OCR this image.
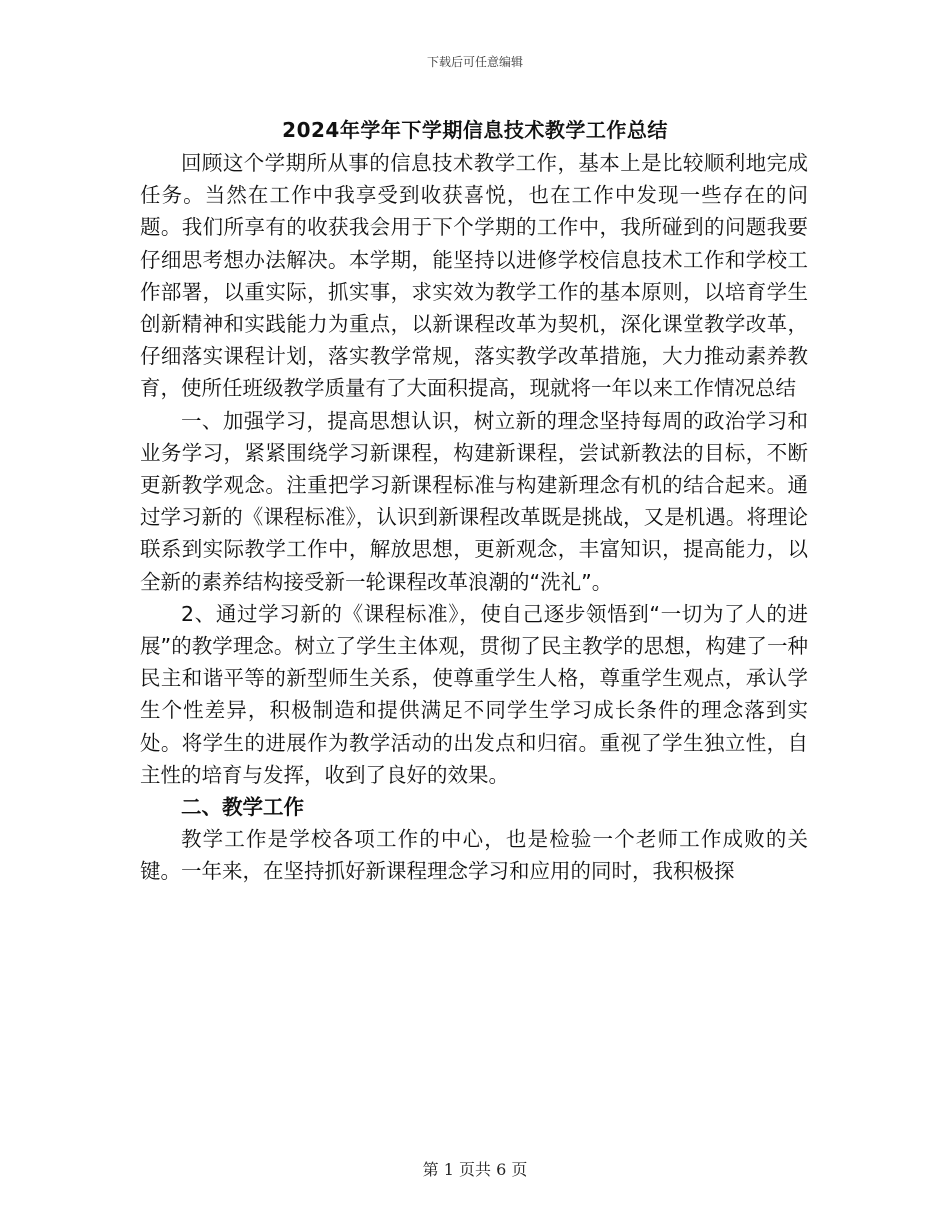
下载后可任意编辑
2024年学年下学期信息技术教学工作总结

回顾这个学期所从事的信息技术教学工作，基本上是比较顺利地完成任务。当然在工作中我享受到收获喜悦，也在工作中发现一些存在的问题。我们所享有的收获我会用于下个学期的工作中，我所碰到的问题我要仔细思考想办法解决。本学期，能坚持以进修学校信息技术工作和学校工作部署，以重实际，抓实事，求实效为教学工作的基本原则，以培育学生创新精神和实践能力为重点，以新课程改革为契机，深化课堂教学改革，仔细落实课程计划，落实教学常规，落实教学改革措施，大力推动素养教育，使所任班级教学质量有了大面积提高，现就将一年以来工作情况总结

一、加强学习，提高思想认识，树立新的理念坚持每周的政治学习和业务学习，紧紧围绕学习新课程，构建新课程，尝试新教法的目标，不断更新教学观念。注重把学习新课程标准与构建新理念有机的结合起来。通过学习新的《课程标准》，认识到新课程改革既是挑战，又是机遇。将理论联系到实际教学工作中，解放思想，更新观念，丰富知识，提高能力，以全新的素养结构接受新一轮课程改革浪潮的“洗礼”。

2、通过学习新的《课程标准》，使自己逐步领悟到“一切为了人的进展”的教学理念。树立了学生主体观，贯彻了民主教学的思想，构建了一种民主和谐平等的新型师生关系，使尊重学生人格，尊重学生观点，承认学生个性差异，积极制造和提供满足不同学生学习成长条件的理念落到实处。将学生的进展作为教学活动的出发点和归宿。重视了学生独立性，自主性的培育与发挥，收到了良好的效果。

二、教学工作

教学工作是学校各项工作的中心，也是检验一个老师工作成败的关键。一年来，在坚持抓好新课程理念学习和应用的同时，我积极探

第 1 页共 6 页
